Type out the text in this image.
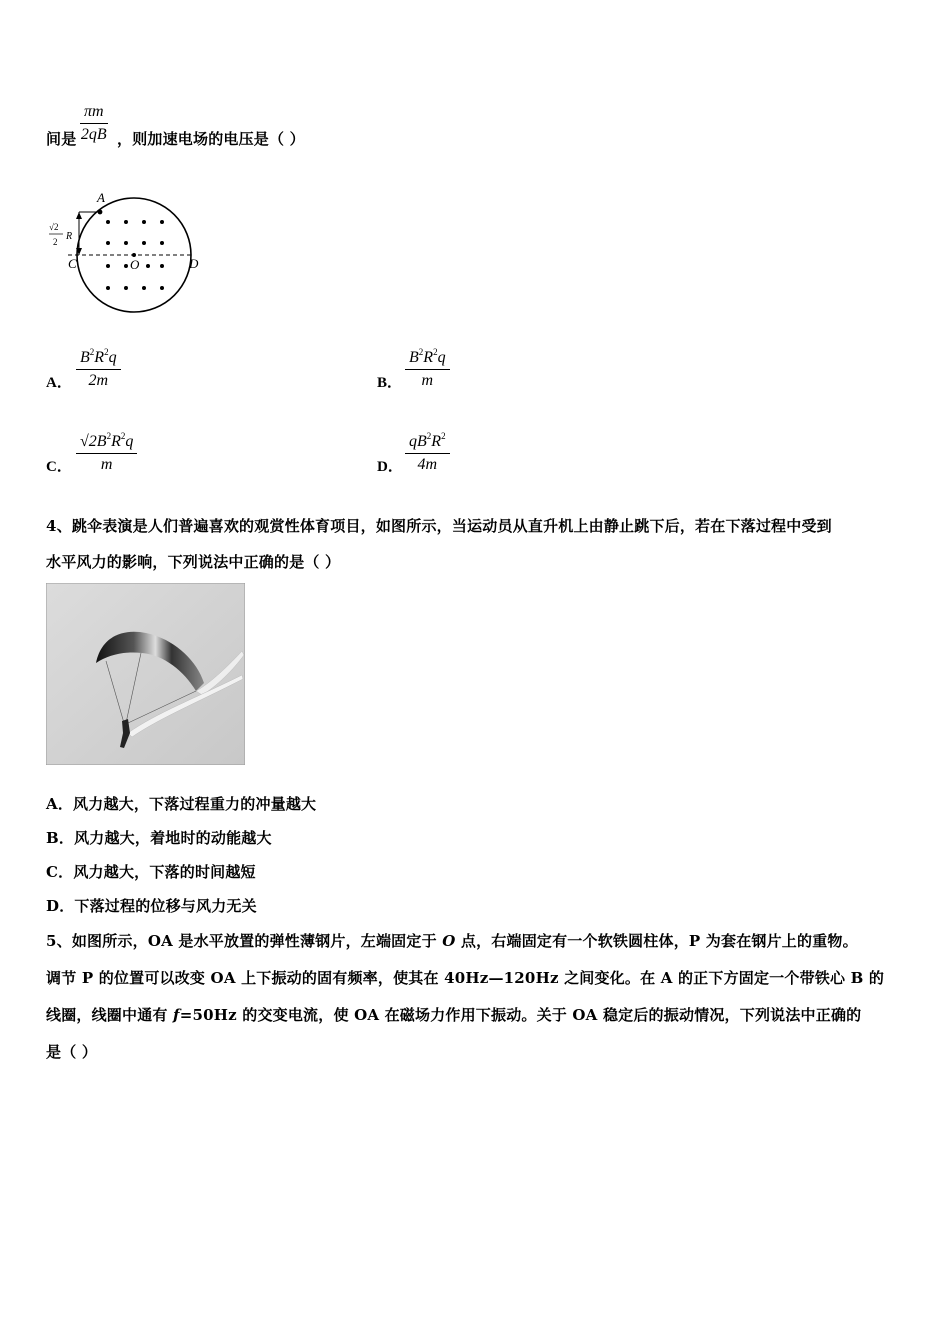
$\frac{\pi m}{2qB}$
间是	，则加速电场的电压是（ ）
A
C	D
O
√2
2 R
A． $\frac{B^2R^2q}{2m}$	B． $\frac{B^2R^2q}{m}$
C． $\frac{√2B^2R^2q}{m}$	D． $\frac{qB^2R^2}{4m}$
4、跳伞表演是人们普遍喜欢的观赏性体育项目，如图所示，当运动员从直升机上由静止跳下后，若在下落过程中受到
水平风力的影响，下列说法中正确的是（ ）
A．风力越大，下落过程重力的冲量越大
B．风力越大，着地时的动能越大
C．风力越大，下落的时间越短
D．下落过程的位移与风力无关
5、如图所示，OA 是水平放置的弹性薄钢片，左端固定于 O 点，右端固定有一个软铁圆柱体，P 为套在钢片上的重物。
调节 P 的位置可以改变 OA 上下振动的固有频率，使其在 40Hz—120Hz 之间变化。在 A 的正下方固定一个带铁心 B 的
线圈，线圈中通有 f=50Hz 的交变电流，使 OA 在磁场力作用下振动。关于 OA 稳定后的振动情况，下列说法中正确的
是（ ）
